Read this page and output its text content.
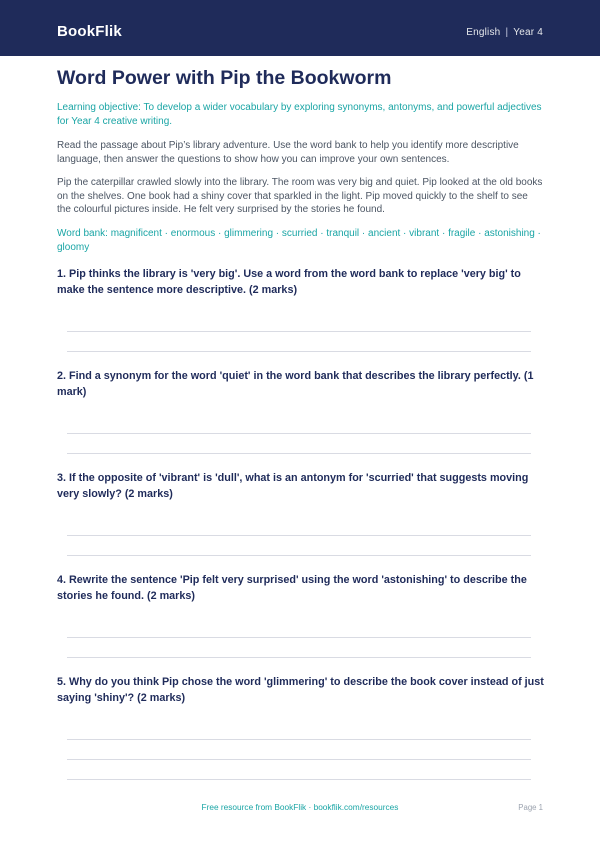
BookFlik	English | Year 4
Word Power with Pip the Bookworm

Learning objective: To develop a wider vocabulary by exploring synonyms, antonyms, and powerful adjectives for Year 4 creative writing.

Read the passage about Pip’s library adventure. Use the word bank to help you identify more descriptive language, then answer the questions to show how you can improve your own sentences.

Pip the caterpillar crawled slowly into the library. The room was very big and quiet. Pip looked at the old books on the shelves. One book had a shiny cover that sparkled in the light. Pip moved quickly to the shelf to see the colourful pictures inside. He felt very surprised by the stories he found.

Word bank: magnificent · enormous · glimmering · scurried · tranquil · ancient · vibrant · fragile · astonishing · gloomy

1. Pip thinks the library is 'very big'. Use a word from the word bank to replace 'very big' to make the sentence more descriptive. (2 marks)
2. Find a synonym for the word 'quiet' in the word bank that describes the library perfectly. (1 mark)
3. If the opposite of 'vibrant' is 'dull', what is an antonym for 'scurried' that suggests moving very slowly? (2 marks)
4. Rewrite the sentence 'Pip felt very surprised' using the word 'astonishing' to describe the stories he found. (2 marks)
5. Why do you think Pip chose the word 'glimmering' to describe the book cover instead of just saying 'shiny'? (2 marks)
Free resource from BookFlik · bookflik.com/resources	Page 1
